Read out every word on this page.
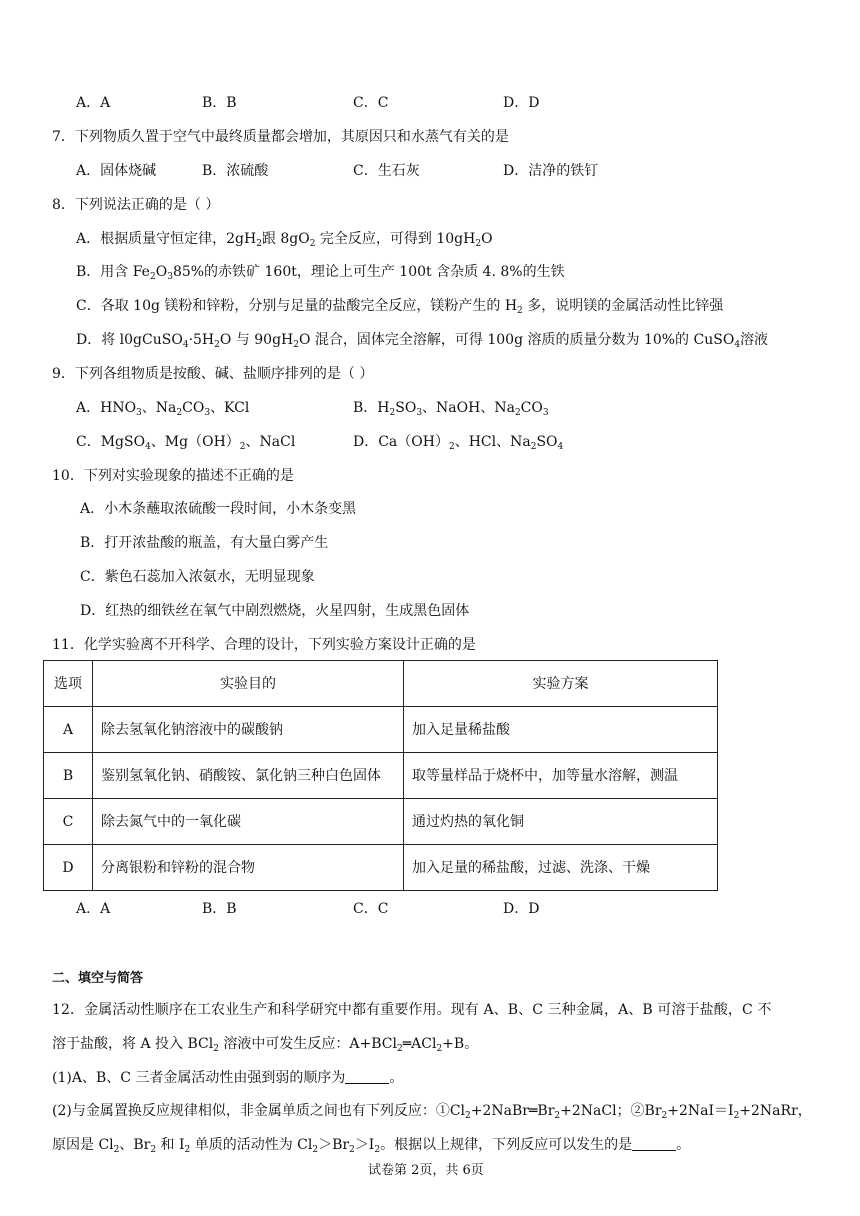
A．A	B．B	C．C	D．D
7．下列物质久置于空气中最终质量都会增加，其原因只和水蒸气有关的是
A．固体烧碱	B．浓硫酸	C．生石灰	D．洁净的铁钉
8．下列说法正确的是（ ）
A．根据质量守恒定律，$2gH_2$跟 $8gO_2$ 完全反应，可得到 $10gH_2O$
B．用含 $Fe_2O_385\%$的赤铁矿 160t，理论上可生产 100t 含杂质 4. 8%的生铁
C．各取 10g 镁粉和锌粉，分别与足量的盐酸完全反应，镁粉产生的 $H_2$ 多，说明镁的金属活动性比锌强
D．将 $l0gCuSO_4\cdot 5H_2O$ 与 $90gH_2O$ 混合，固体完全溶解，可得 100g 溶质的质量分数为 10%的 CuSO$_4$溶液
9．下列各组物质是按酸、碱、盐顺序排列的是（ ）
A．$HNO_3$、$Na_2CO_3$、KCl	B．$H_2SO_3$、NaOH、$Na_2CO_3$
C．MgSO$_4$、$Mg(OH)_2$、NaCl	D．$Ca(OH)_2$、HCl、$Na_2SO_4$
10．下列对实验现象的描述不正确的是
A．小木条蘸取浓硫酸一段时间，小木条变黑
B．打开浓盐酸的瓶盖，有大量白雾产生
C．紫色石蕊加入浓氨水，无明显现象
D．红热的细铁丝在氧气中剧烈燃烧，火星四射，生成黑色固体
11．化学实验离不开科学、合理的设计，下列实验方案设计正确的是
选项	实验目的	实验方案
A	除去氢氧化钠溶液中的碳酸钠	加入足量稀盐酸
B	鉴别氢氧化钠、硝酸铵、氯化钠三种白色固体	取等量样品于烧杯中，加等量水溶解，测温
C	除去氮气中的一氧化碳	通过灼热的氧化铜
D	分离银粉和锌粉的混合物	加入足量的稀盐酸，过滤、洗涤、干燥
A．A	B．B	C．C	D．D
二、填空与简答
12．金属活动性顺序在工农业生产和科学研究中都有重要作用。现有 A、B、C 三种金属，A、B 可溶于盐酸，C 不
溶于盐酸，将 A 投入 BCl$_2$ 溶液中可发生反应：A+BCl$_2$═ACl$_2$+B。
(1)A、B、C 三者金属活动性由强到弱的顺序为	。
(2)与金属置换反应规律相似，非金属单质之间也有下列反应：$①Cl_2+2NaBr═Br_2+2NaCl$；$②Br_2+2NaI=I_2+2NaRr$，
原因是 $Cl_2$、$Br_2$ 和 $I_2$ 单质的活动性为 $Cl_2>Br_2>I_2$。根据以上规律，下列反应可以发生的是	。
试卷第 2页，共 6页
